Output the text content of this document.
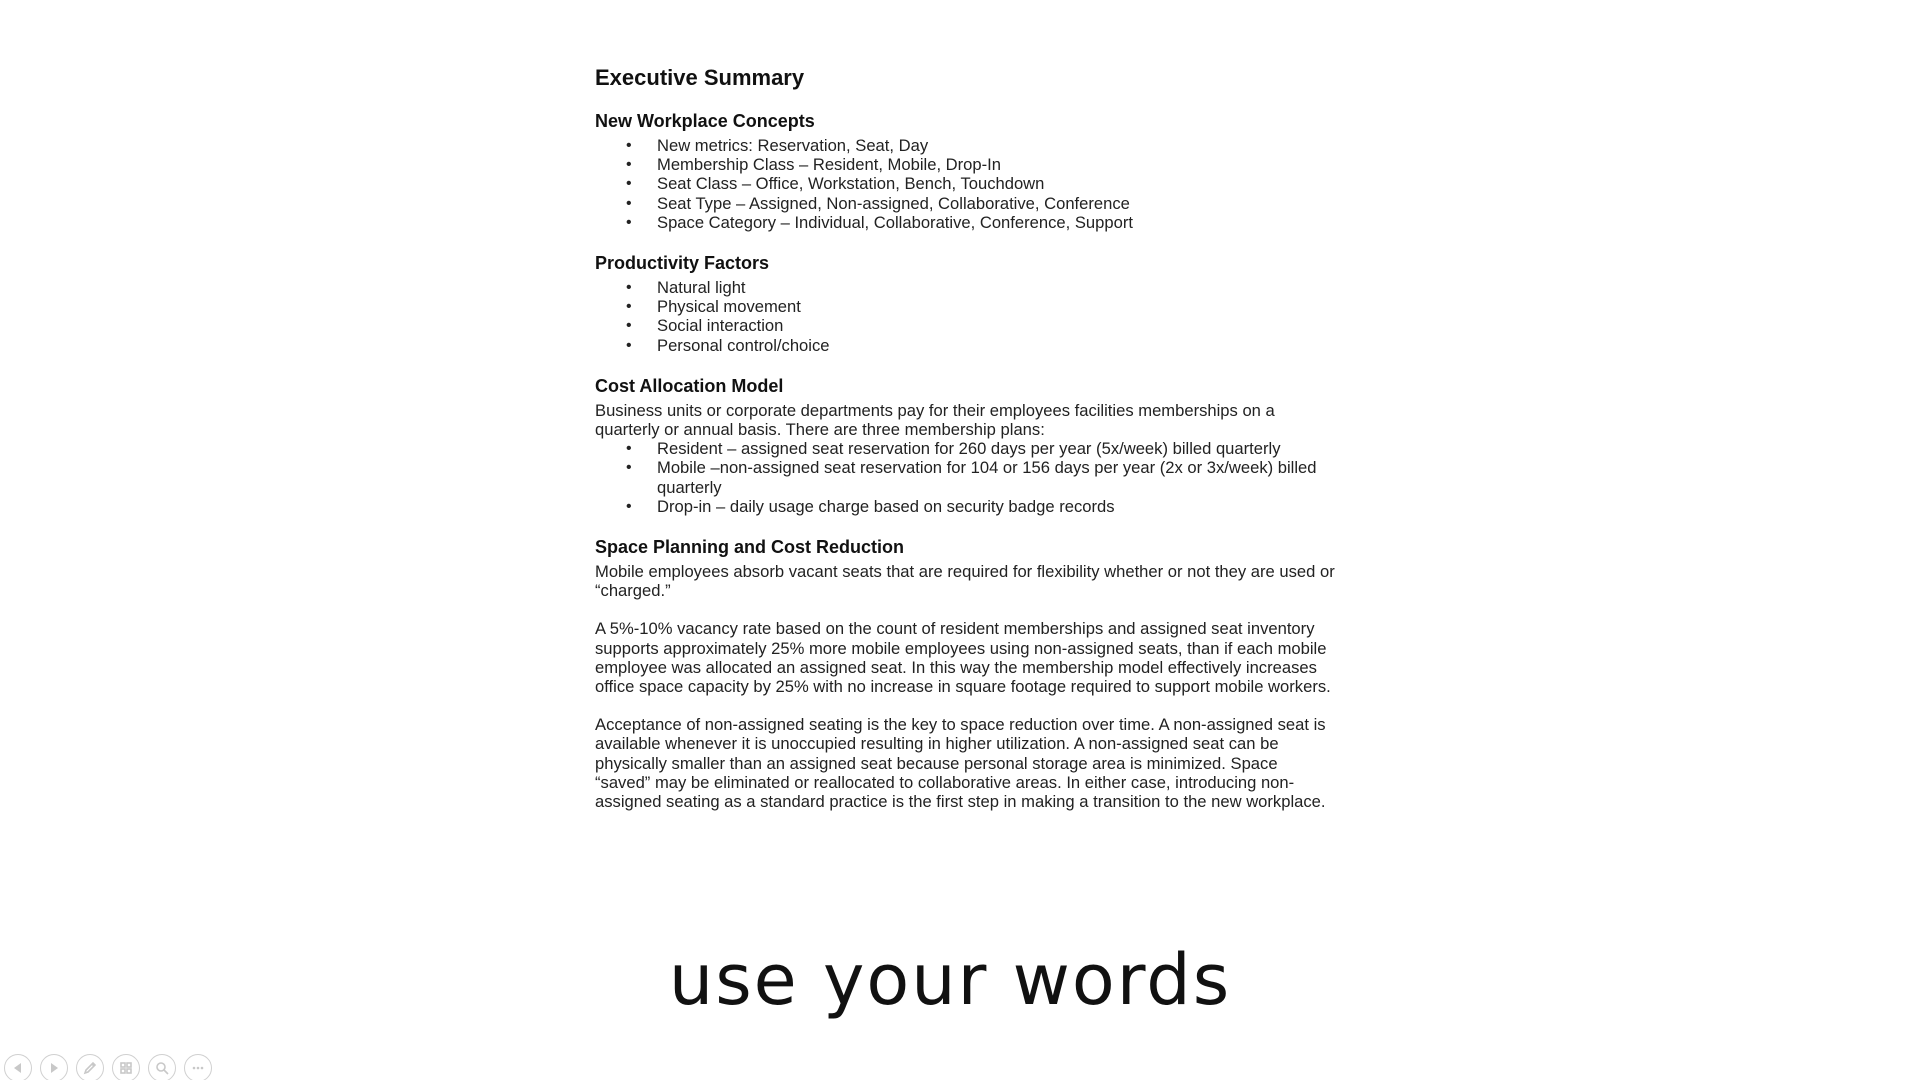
Executive Summary
New Workplace Concepts
• New metrics: Reservation, Seat, Day
• Membership Class – Resident, Mobile, Drop-In
• Seat Class – Office, Workstation, Bench, Touchdown
• Seat Type – Assigned, Non-assigned, Collaborative, Conference
• Space Category – Individual, Collaborative, Conference, Support
Productivity Factors
• Natural light
• Physical movement
• Social interaction
• Personal control/choice
Cost Allocation Model

Business units or corporate departments pay for their employees facilities memberships on a quarterly or annual basis. There are three membership plans:

• Resident – assigned seat reservation for 260 days per year (5x/week) billed quarterly
• Mobile –non-assigned seat reservation for 104 or 156 days per year (2x or 3x/week) billed quarterly
• Drop-in – daily usage charge based on security badge records
Space Planning and Cost Reduction

Mobile employees absorb vacant seats that are required for flexibility whether or not they are used or “charged.”

A 5%-10% vacancy rate based on the count of resident memberships and assigned seat inventory supports approximately 25% more mobile employees using non-assigned seats, than if each mobile employee was allocated an assigned seat. In this way the membership model effectively increases office space capacity by 25% with no increase in square footage required to support mobile workers.

Acceptance of non-assigned seating is the key to space reduction over time. A non-assigned seat is available whenever it is unoccupied resulting in higher utilization. A non-assigned seat can be physically smaller than an assigned seat because personal storage area is minimized. Space “saved” may be eliminated or reallocated to collaborative areas. In either case, introducing non-assigned seating as a standard practice is the first step in making a transition to the new workplace.

use your words
